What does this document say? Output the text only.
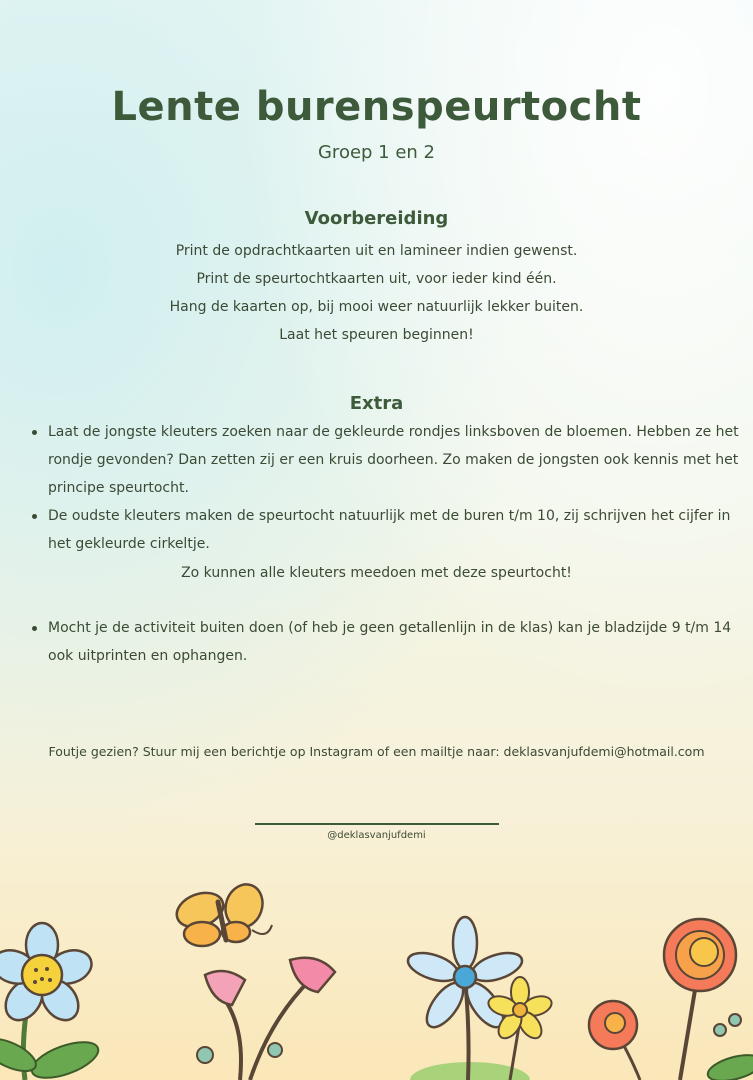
Lente burenspeurtocht
Groep 1 en 2
Voorbereiding
Print de opdrachtkaarten uit en lamineer indien gewenst.
Print de speurtochtkaarten uit, voor ieder kind één.
Hang de kaarten op, bij mooi weer natuurlijk lekker buiten.
Laat het speuren beginnen!
Extra
Laat de jongste kleuters zoeken naar de gekleurde rondjes linksboven de bloemen. Hebben ze het rondje gevonden? Dan zetten zij er een kruis doorheen. Zo maken de jongsten ook kennis met het principe speurtocht.
De oudste kleuters maken de speurtocht natuurlijk met de buren t/m 10, zij schrijven het cijfer in het gekleurde cirkeltje.
Zo kunnen alle kleuters meedoen met deze speurtocht!
Mocht je de activiteit buiten doen (of heb je geen getallenlijn in de klas) kan je bladzijde 9 t/m 14 ook uitprinten en ophangen.
Foutje gezien? Stuur mij een berichtje op Instagram of een mailtje naar: deklasvanjufdemi@hotmail.com
@deklasvanjufdemi
